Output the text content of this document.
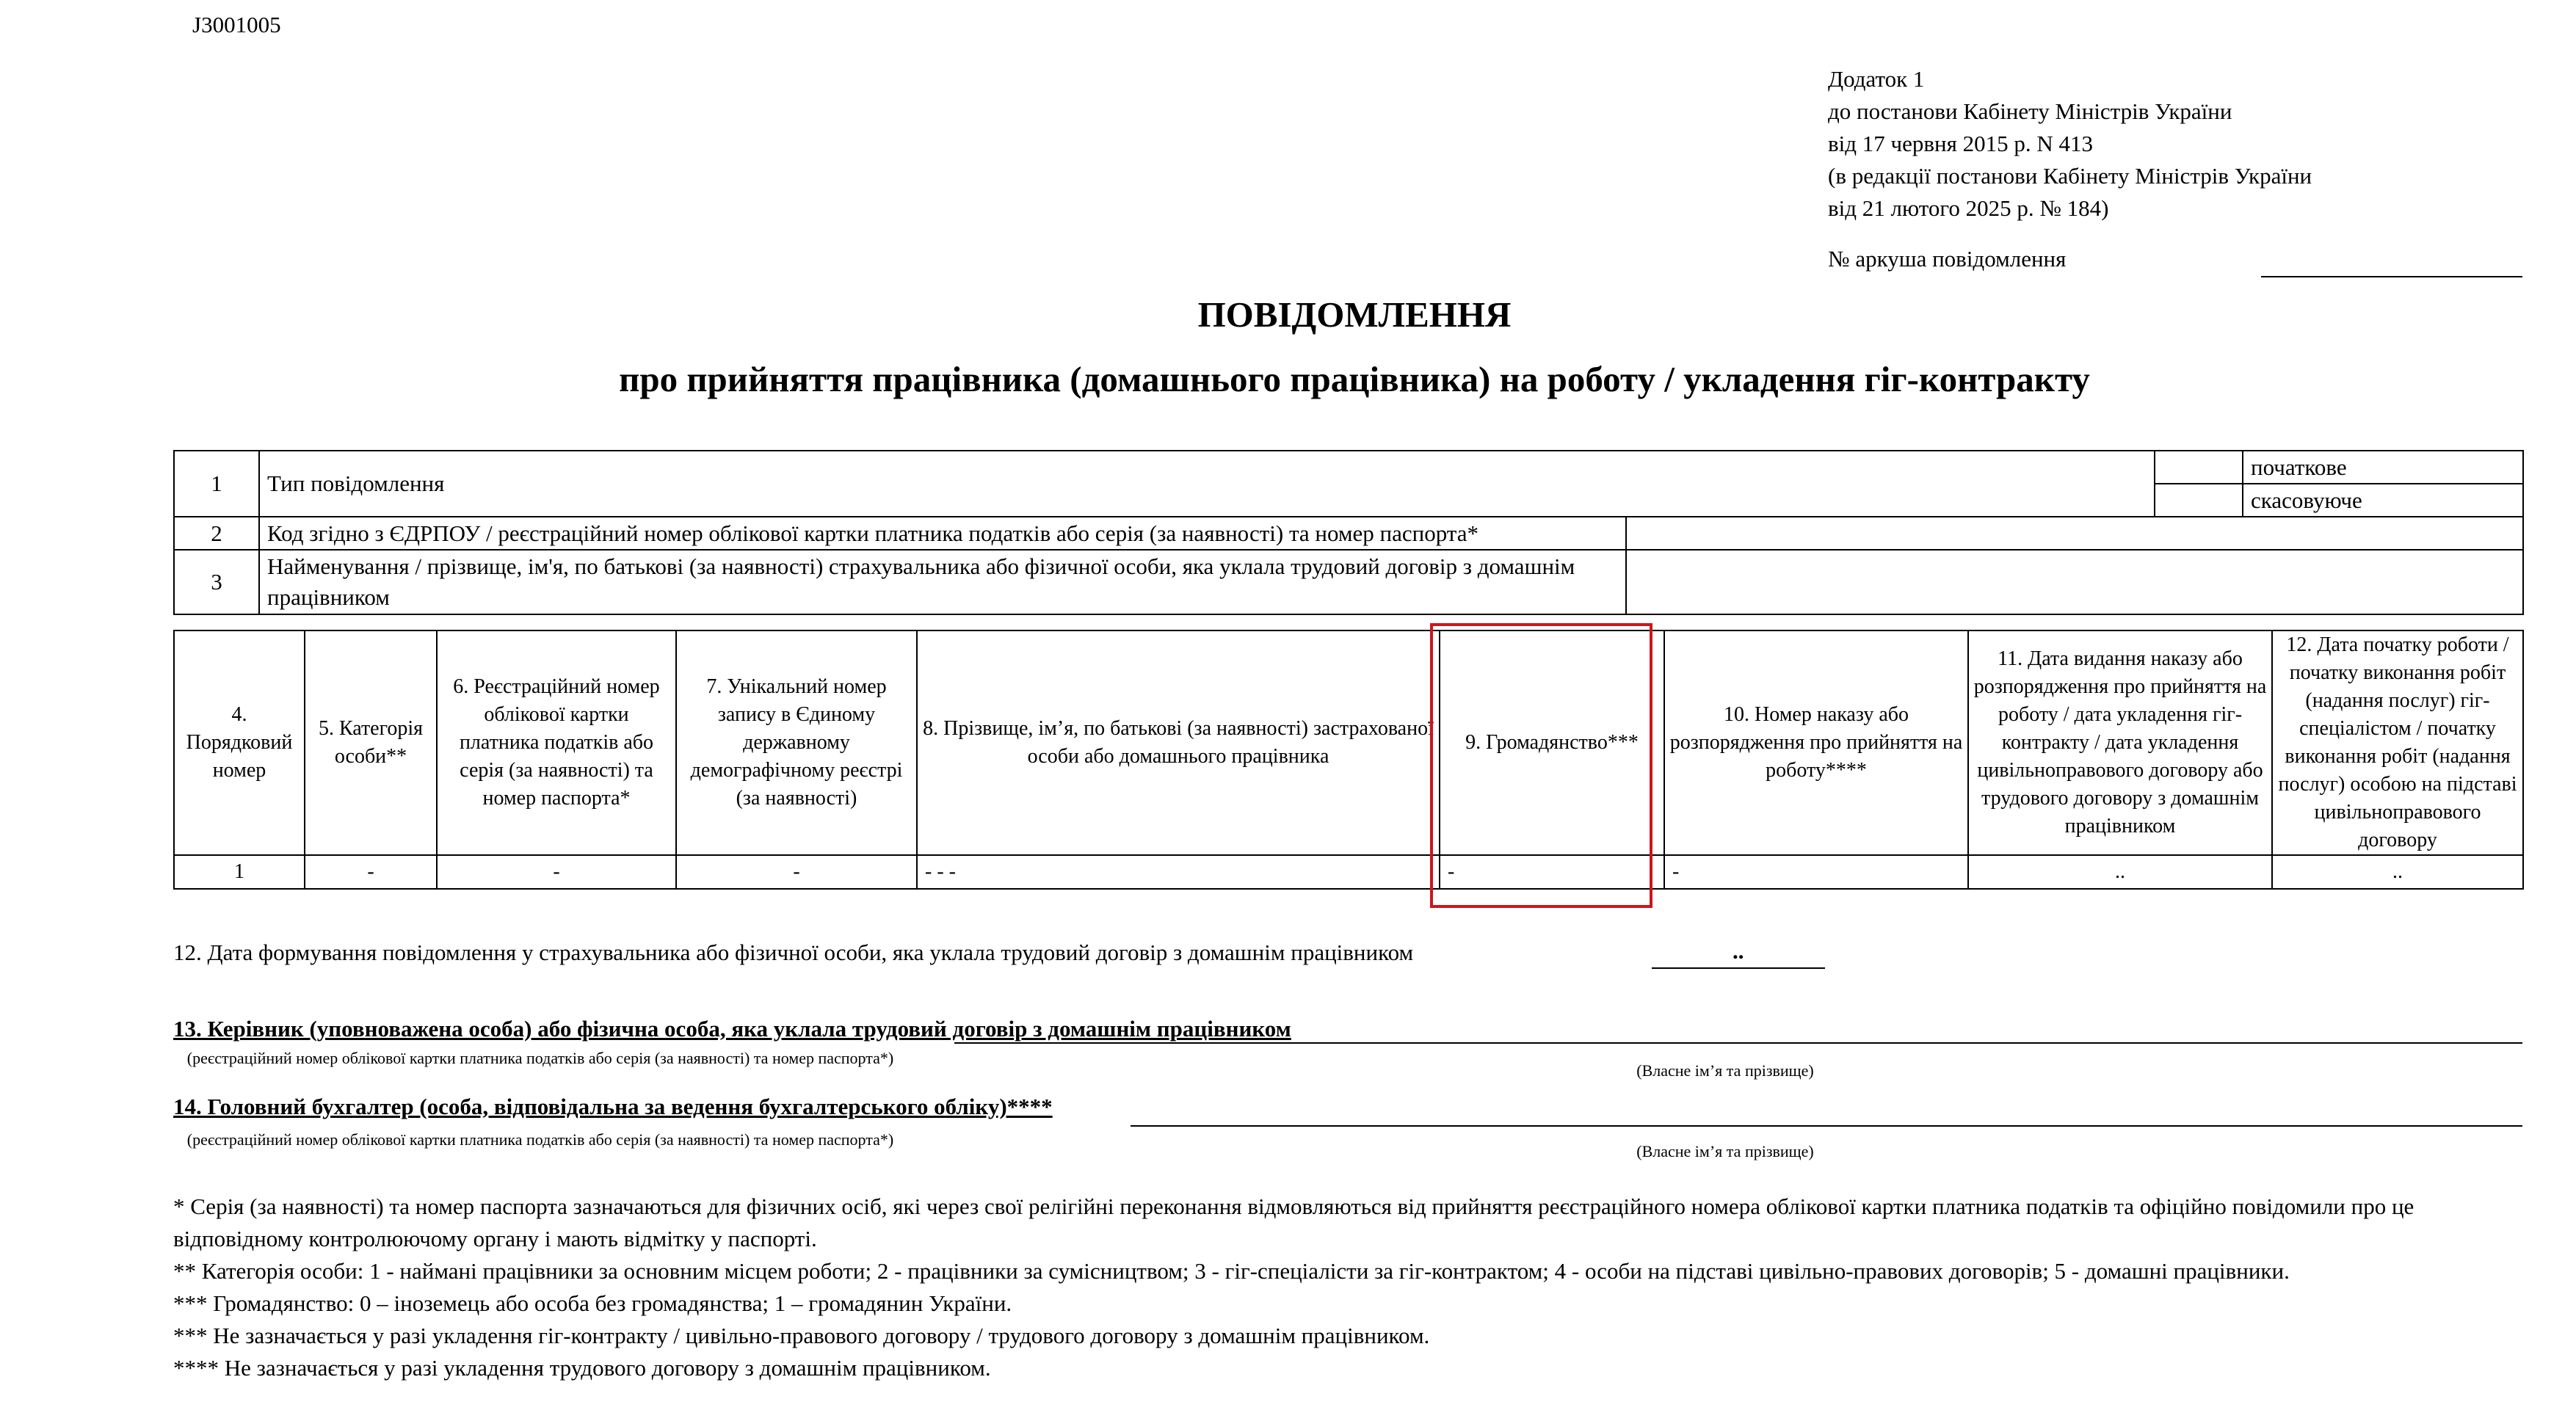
J3001005
Додаток 1
до постанови Кабінету Міністрів України
від 17 червня 2015 р. N 413
(в редакції постанови Кабінету Міністрів України
від 21 лютого 2025 р. № 184)
№ аркуша повідомлення
ПОВІДОМЛЕННЯ
про прийняття працівника (домашнього працівника) на роботу / укладення гіг-контракту
1	Тип повідомлення			початкове
				скасовуюче
2	Код згідно з ЄДРПОУ / реєстраційний номер облікової картки платника податків або серія (за наявності) та номер паспорта*			
3	Найменування / прізвище, ім'я, по батькові (за наявності) страхувальника або фізичної особи, яка уклала трудовий договір з домашнім працівником			
4. Порядковий номер	5. Категорія особи**	6. Реєстраційний номер облікової картки платника податків або серія (за наявності) та номер паспорта*	7. Унікальний номер запису в Єдиному державному демографічному реєстрі (за наявності)	8. Прізвище, ім’я, по батькові (за наявності) застрахованої особи або домашнього працівника	9. Громадянство***	10. Номер наказу або розпорядження про прийняття на роботу****	11. Дата видання наказу або розпорядження про прийняття на роботу / дата укладення гіг-контракту / дата укладення цивільноправового договору або трудового договору з домашнім працівником	12. Дата початку роботи / початку виконання робіт (надання послуг) гіг-спеціалістом / початку виконання робіт (надання послуг) особою на підставі цивільноправового договору
1	-	-	-	- - -	-	-	..	..
12. Дата формування повідомлення у страхувальника або фізичної особи, яка уклала трудовий договір з домашнім працівником	..
13. Керівник (уповноважена особа) або фізична особа, яка уклала трудовий договір з домашнім працівником
(реєстраційний номер облікової картки платника податків або серія (за наявності) та номер паспорта*)
(Власне ім’я та прізвище)
14. Головний бухгалтер (особа, відповідальна за ведення бухгалтерського обліку)****
(реєстраційний номер облікової картки платника податків або серія (за наявності) та номер паспорта*)
(Власне ім’я та прізвище)
* Серія (за наявності) та номер паспорта зазначаються для фізичних осіб, які через свої релігійні переконання відмовляються від прийняття реєстраційного номера облікової картки платника податків та офіційно повідомили про це відповідному контролюючому органу і мають відмітку у паспорті.
** Категорія особи: 1 - наймані працівники за основним місцем роботи; 2 - працівники за сумісництвом; 3 - гіг-спеціалісти за гіг-контрактом; 4 - особи на підставі цивільно-правових договорів; 5 - домашні працівники.
*** Громадянство: 0 – іноземець або особа без громадянства; 1 – громадянин України.
*** Не зазначається у разі укладення гіг-контракту / цивільно-правового договору / трудового договору з домашнім працівником.
**** Не зазначається у разі укладення трудового договору з домашнім працівником.
